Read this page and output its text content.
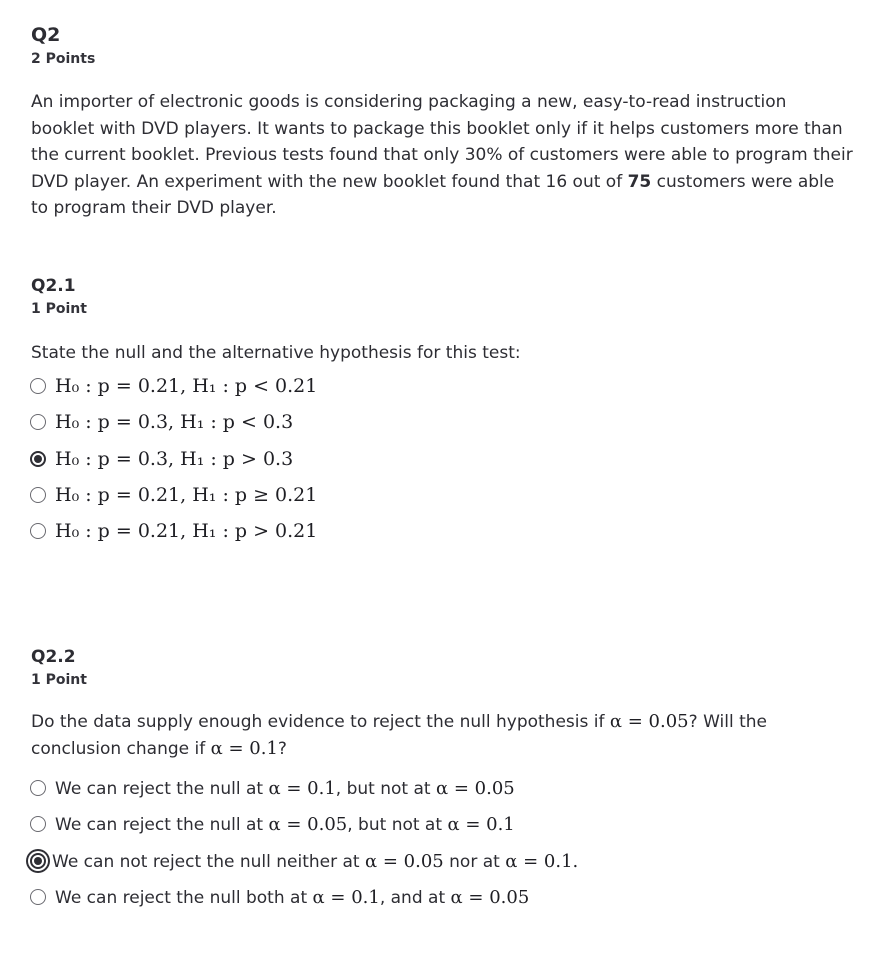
Q2
2 Points

An importer of electronic goods is considering packaging a new, easy-to-read instruction booklet with DVD players. It wants to package this booklet only if it helps customers more than the current booklet. Previous tests found that only 30% of customers were able to program their DVD player. An experiment with the new booklet found that 16 out of 75 customers were able
to program their DVD player.

Q2.1
1 Point

State the null and the alternative hypothesis for this test:

H₀ : p = 0.21, H₁ : p < 0.21
H₀ : p = 0.3, H₁ : p < 0.3
H₀ : p = 0.3, H₁ : p > 0.3
H₀ : p = 0.21, H₁ : p ≥ 0.21
H₀ : p = 0.21, H₁ : p > 0.21
Q2.2
1 Point

Do the data supply enough evidence to reject the null hypothesis if α = 0.05? Will the conclusion change if α = 0.1?

We can reject the null at α = 0.1, but not at α = 0.05
We can reject the null at α = 0.05, but not at α = 0.1
We can not reject the null neither at α = 0.05 nor at α = 0.1.
We can reject the null both at α = 0.1, and at α = 0.05
